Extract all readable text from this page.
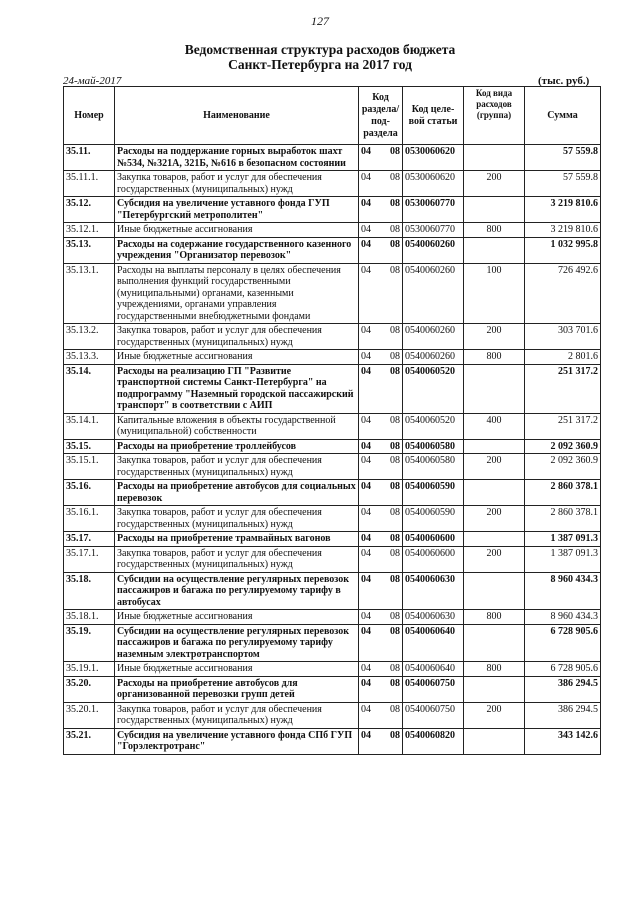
127
Ведомственная структура расходов бюджета
Санкт-Петербурга на 2017 год
24-май-2017	(тыс. руб.)
Номер	Наименование	Код раздела/ под-раздела	Код целе-вой статьи	Код вида расходов (группа)	Сумма
35.11.	Расходы на поддержание горных выработок шахт №534, №321А, 321Б, №616 в безопасном состоянии	04 08	0530060620		57 559.8
35.11.1.	Закупка товаров, работ и услуг для обеспечения государственных (муниципальных) нужд	04 08	0530060620	200	57 559.8
35.12.	Субсидия на увеличение уставного фонда ГУП "Петербургский метрополитен"	04 08	0530060770		3 219 810.6
35.12.1.	Иные бюджетные ассигнования	04 08	0530060770	800	3 219 810.6
35.13.	Расходы на содержание государственного казенного учреждения "Организатор перевозок"	04 08	0540060260		1 032 995.8
35.13.1.	Расходы на выплаты персоналу в целях обеспечения выполнения функций государственными (муниципальными) органами, казенными учреждениями, органами управления государственными внебюджетными фондами	04 08	0540060260	100	726 492.6
35.13.2.	Закупка товаров, работ и услуг для обеспечения государственных (муниципальных) нужд	04 08	0540060260	200	303 701.6
35.13.3.	Иные бюджетные ассигнования	04 08	0540060260	800	2 801.6
35.14.	Расходы на реализацию ГП "Развитие транспортной системы Санкт-Петербурга" на подпрограмму "Наземный городской пассажирский транспорт" в соответствии с АИП	04 08	0540060520		251 317.2
35.14.1.	Капитальные вложения в объекты государственной (муниципальной) собственности	04 08	0540060520	400	251 317.2
35.15.	Расходы на приобретение троллейбусов	04 08	0540060580		2 092 360.9
35.15.1.	Закупка товаров, работ и услуг для обеспечения государственных (муниципальных) нужд	04 08	0540060580	200	2 092 360.9
35.16.	Расходы на приобретение автобусов для социальных перевозок	04 08	0540060590		2 860 378.1
35.16.1.	Закупка товаров, работ и услуг для обеспечения государственных (муниципальных) нужд	04 08	0540060590	200	2 860 378.1
35.17.	Расходы на приобретение трамвайных вагонов	04 08	0540060600		1 387 091.3
35.17.1.	Закупка товаров, работ и услуг для обеспечения государственных (муниципальных) нужд	04 08	0540060600	200	1 387 091.3
35.18.	Субсидии на осуществление регулярных перевозок пассажиров и багажа по регулируемому тарифу в автобусах	04 08	0540060630		8 960 434.3
35.18.1.	Иные бюджетные ассигнования	04 08	0540060630	800	8 960 434.3
35.19.	Субсидии на осуществление регулярных перевозок пассажиров и багажа по регулируемому тарифу наземным электротранспортом	04 08	0540060640		6 728 905.6
35.19.1.	Иные бюджетные ассигнования	04 08	0540060640	800	6 728 905.6
35.20.	Расходы на приобретение автобусов для организованной перевозки групп детей	04 08	0540060750		386 294.5
35.20.1.	Закупка товаров, работ и услуг для обеспечения государственных (муниципальных) нужд	04 08	0540060750	200	386 294.5
35.21.	Субсидия на увеличение уставного фонда СПб ГУП "Горэлектротранс"	04 08	0540060820		343 142.6
